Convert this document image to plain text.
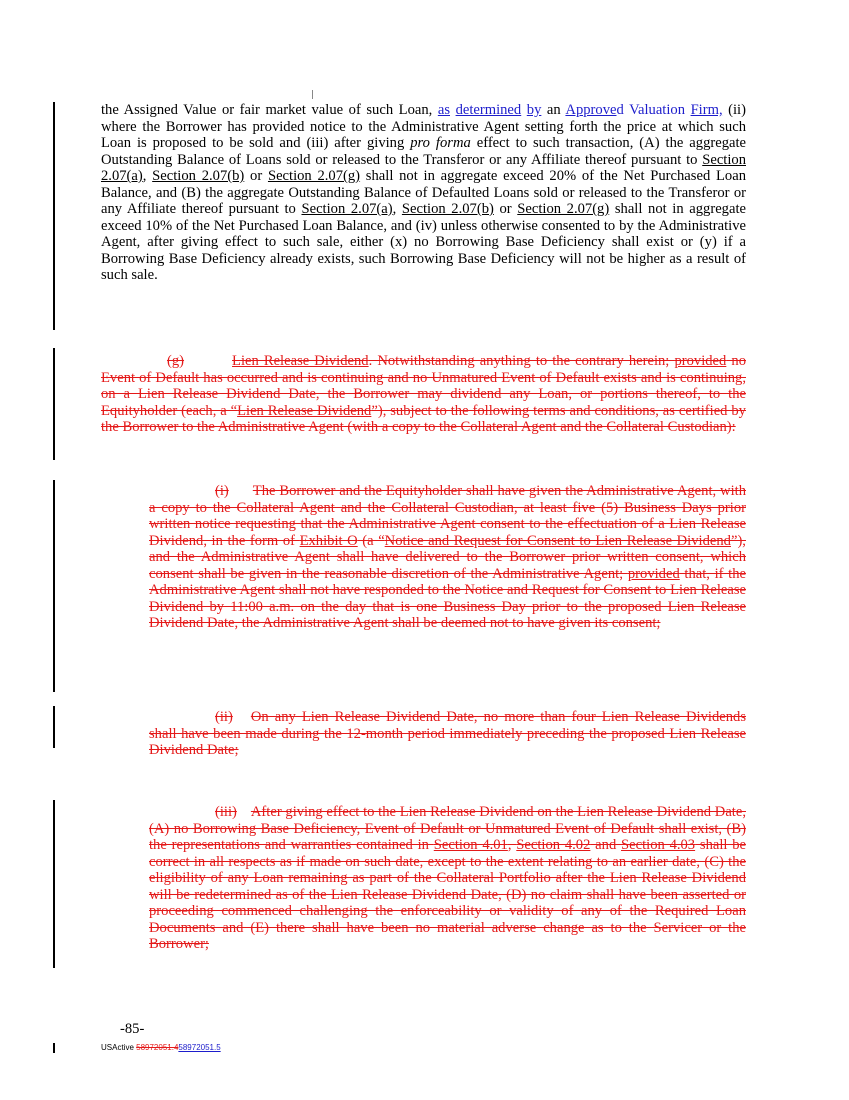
the Assigned Value or fair market value of such Loan, as determined by an Approved Valuation Firm, (ii) where the Borrower has provided notice to the Administrative Agent setting forth the price at which such Loan is proposed to be sold and (iii) after giving pro forma effect to such transaction, (A) the aggregate Outstanding Balance of Loans sold or released to the Transferor or any Affiliate thereof pursuant to Section 2.07(a), Section 2.07(b) or Section 2.07(g) shall not in aggregate exceed 20% of the Net Purchased Loan Balance, and (B) the aggregate Outstanding Balance of Defaulted Loans sold or released to the Transferor or any Affiliate thereof pursuant to Section 2.07(a), Section 2.07(b) or Section 2.07(g) shall not in aggregate exceed 10% of the Net Purchased Loan Balance, and (iv) unless otherwise consented to by the Administrative Agent, after giving effect to such sale, either (x) no Borrowing Base Deficiency shall exist or (y) if a Borrowing Base Deficiency already exists, such Borrowing Base Deficiency will not be higher as a result of such sale.
(g)	Lien Release Dividend. Notwithstanding anything to the contrary herein; provided no Event of Default has occurred and is continuing and no Unmatured Event of Default exists and is continuing, on a Lien Release Dividend Date, the Borrower may dividend any Loan, or portions thereof, to the Equityholder (each, a “Lien Release Dividend”), subject to the following terms and conditions, as certified by the Borrower to the Administrative Agent (with a copy to the Collateral Agent and the Collateral Custodian):
(i) The Borrower and the Equityholder shall have given the Administrative Agent, with a copy to the Collateral Agent and the Collateral Custodian, at least five (5) Business Days prior written notice requesting that the Administrative Agent consent to the effectuation of a Lien Release Dividend, in the form of Exhibit O (a “Notice and Request for Consent to Lien Release Dividend”), and the Administrative Agent shall have delivered to the Borrower prior written consent, which consent shall be given in the reasonable discretion of the Administrative Agent; provided that, if the Administrative Agent shall not have responded to the Notice and Request for Consent to Lien Release Dividend by 11:00 a.m. on the day that is one Business Day prior to the proposed Lien Release Dividend Date, the Administrative Agent shall be deemed not to have given its consent;
(ii) On any Lien Release Dividend Date, no more than four Lien Release Dividends shall have been made during the 12-month period immediately preceding the proposed Lien Release Dividend Date;
(iii) After giving effect to the Lien Release Dividend on the Lien Release Dividend Date, (A) no Borrowing Base Deficiency, Event of Default or Unmatured Event of Default shall exist, (B) the representations and warranties contained in Section 4.01, Section 4.02 and Section 4.03 shall be correct in all respects as if made on such date, except to the extent relating to an earlier date, (C) the eligibility of any Loan remaining as part of the Collateral Portfolio after the Lien Release Dividend will be redetermined as of the Lien Release Dividend Date, (D) no claim shall have been asserted or proceeding commenced challenging the enforceability or validity of any of the Required Loan Documents and (E) there shall have been no material adverse change as to the Servicer or the Borrower;
-85-
USActive 58972051.458972051.5
